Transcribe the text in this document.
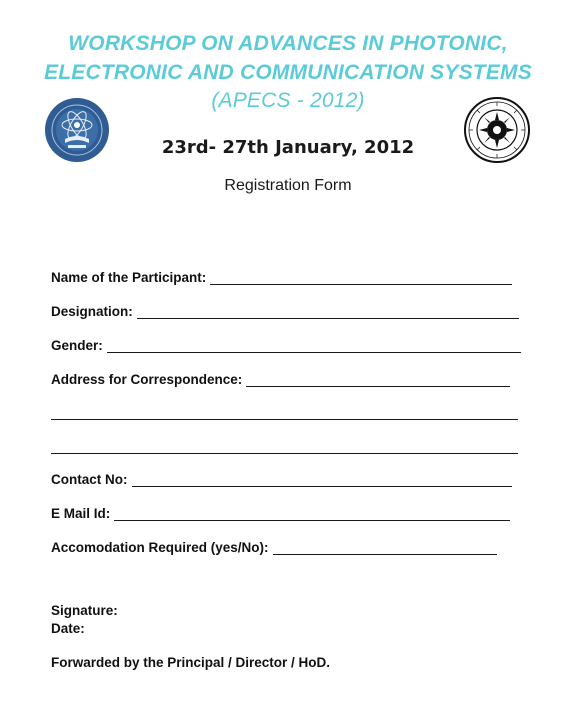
WORKSHOP ON ADVANCES IN PHOTONIC,
ELECTRONIC AND COMMUNICATION SYSTEMS
(APECS - 2012)
23rd- 27th January, 2012
Registration Form
Name of the Participant:
Designation:
Gender:
Address for Correspondence:
Contact No:
E Mail Id:
Accomodation Required (yes/No):
Signature:
Date:
Forwarded by the Principal / Director / HoD.
